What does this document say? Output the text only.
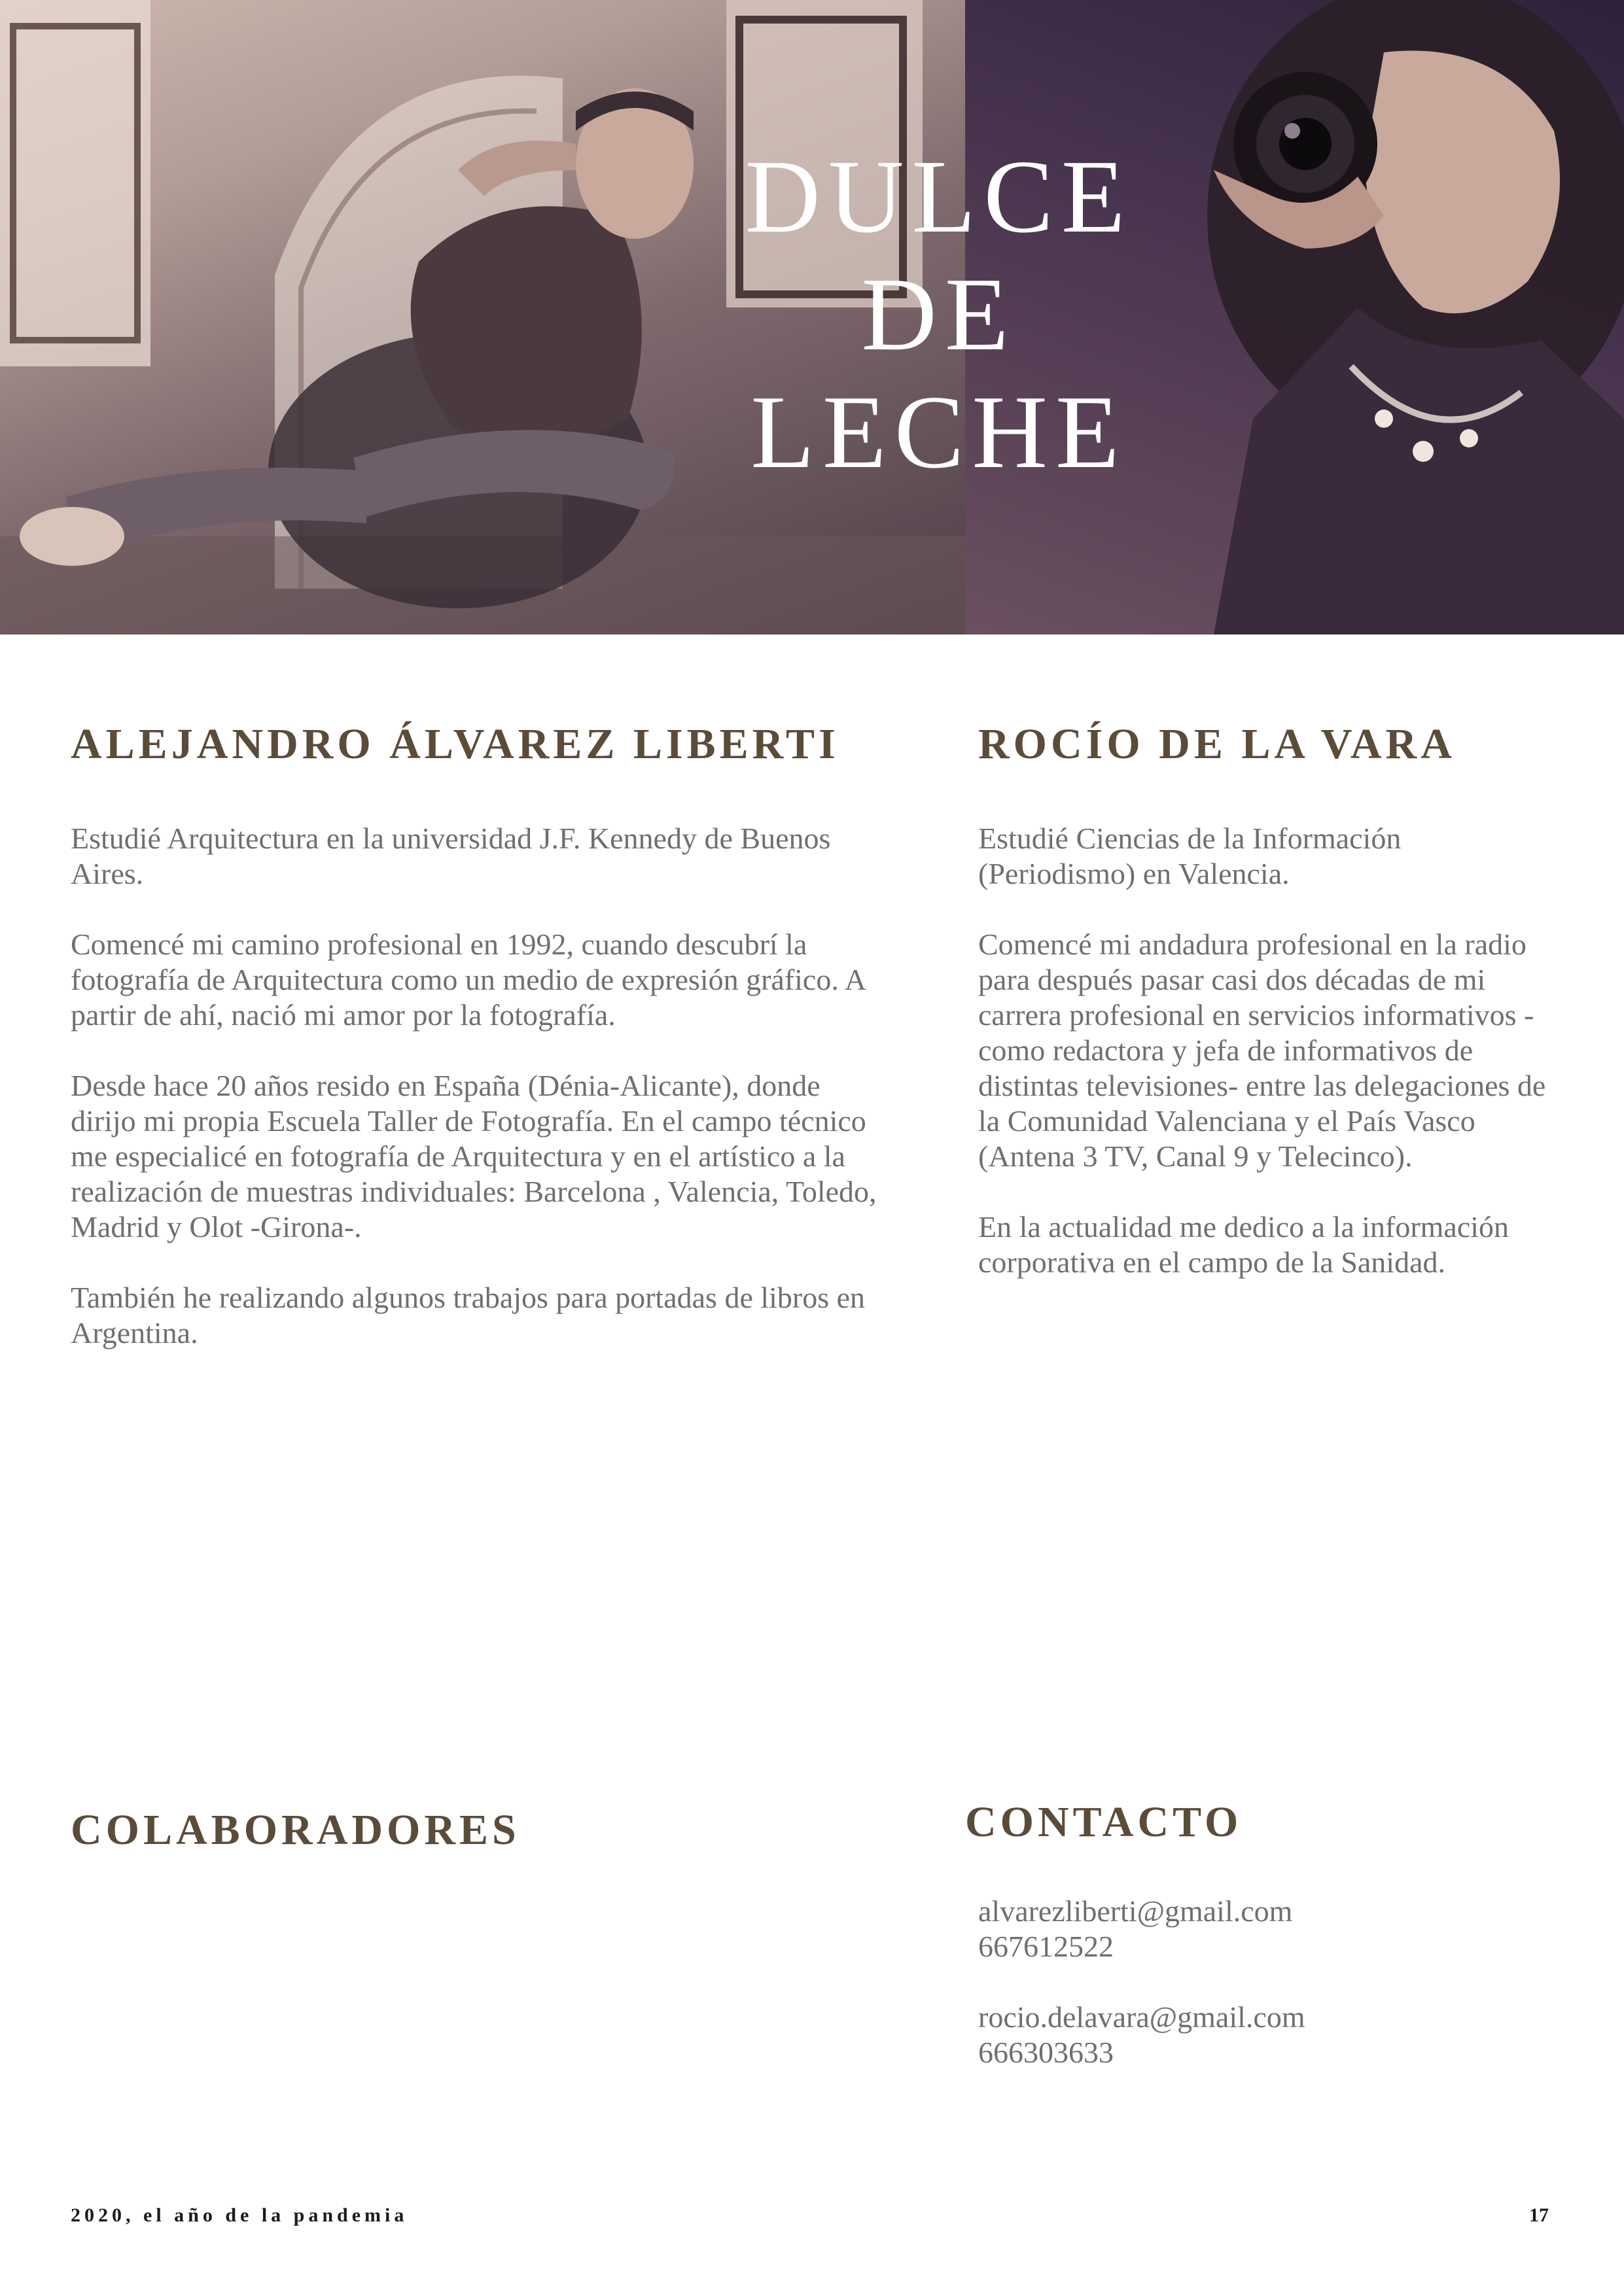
DULCE
DE
LECHE
ALEJANDRO ÁLVAREZ LIBERTI

Estudié Arquitectura en la universidad J.F. Kennedy de Buenos Aires.

Comencé mi camino profesional en 1992, cuando descubrí la fotografía de Arquitectura como un medio de expresión gráfico. A partir de ahí, nació mi amor por la fotografía.

Desde hace 20 años resido en España (Dénia-Alicante), donde dirijo mi propia Escuela Taller de Fotografía. En el campo técnico me especialicé en fotografía de Arquitectura y en el artístico a la realización de muestras individuales: Barcelona , Valencia, Toledo, Madrid y Olot -Girona-.

También he realizando algunos trabajos para portadas de libros en Argentina.

ROCÍO DE LA VARA

Estudié Ciencias de la Información (Periodismo) en Valencia.

Comencé mi andadura profesional en la radio para después pasar casi dos décadas de mi carrera profesional en servicios informativos -como redactora y jefa de informativos de distintas televisiones- entre las delegaciones de la Comunidad Valenciana y el País Vasco (Antena 3 TV, Canal 9 y Telecinco).

En la actualidad me dedico a la información corporativa en el campo de la Sanidad.

COLABORADORES	CONTACTO
alvarezliberti@gmail.com
667612522
rocio.delavara@gmail.com
666303633
2020, el año de la pandemia	17
